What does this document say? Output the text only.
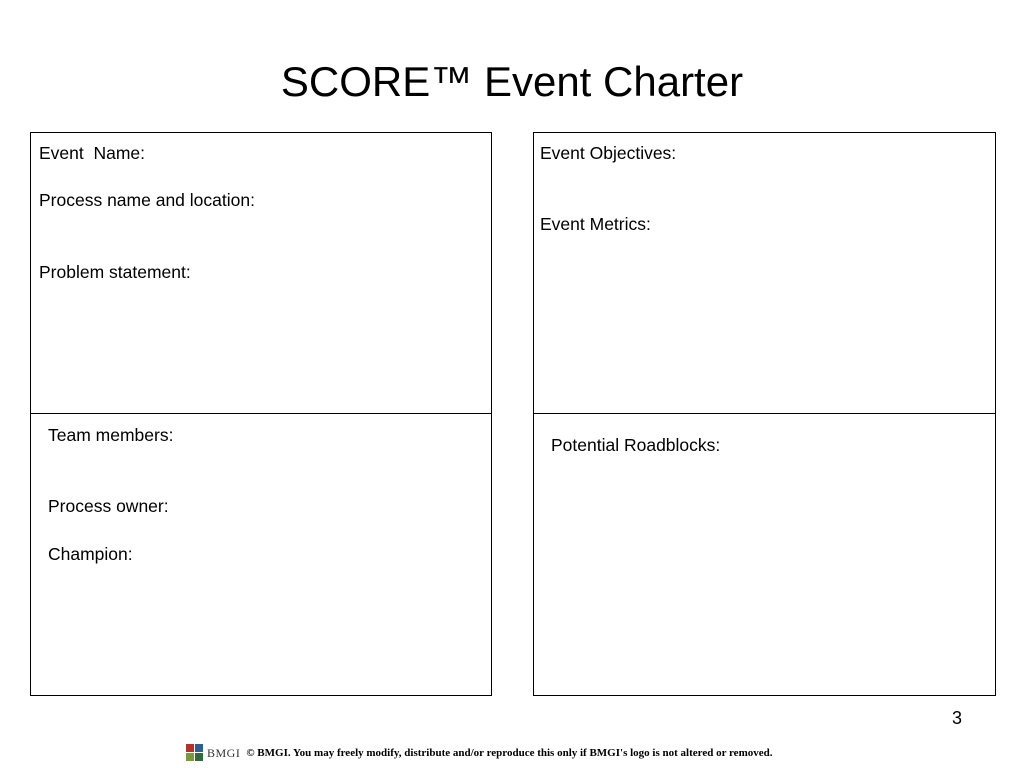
SCORE™ Event Charter
Event  Name:
Process name and location:
Problem statement:
Event Objectives:
Event Metrics:
Team members:
Process owner:
Champion:
Potential Roadblocks:
3
BMGI © BMGI. You may freely modify, distribute and/or reproduce this only if BMGI's logo is not altered or removed.
